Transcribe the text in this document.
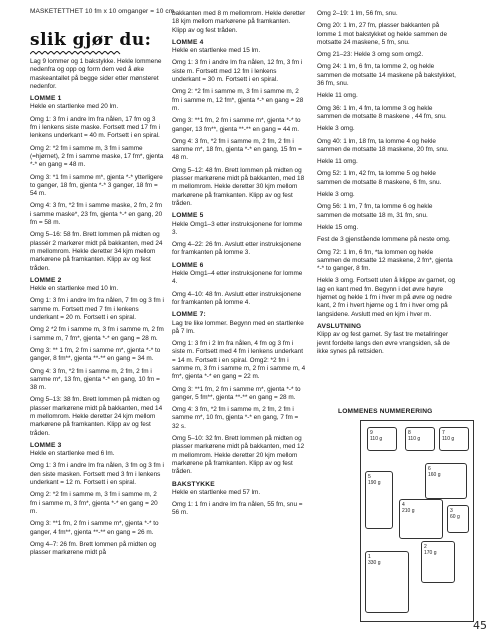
MASKETETTHET 10 fm x 10 omganger = 10 cm.
slik gjør du:

Lag 9 lommer og 1 bakstykke. Hekle lommene nedenfra og opp og form dem ved å øke maskeantallet på begge sider etter mønsteret nedenfor.

LOMME 1

Hekle en startlenke med 20 lm.

Omg 1: 3 fm i andre lm fra nålen, 17 fm og 3 fm i lenkens siste maske. Fortsett med 17 fm i lenkens underkant = 40 m. Fortsett i en spiral.

Omg 2: *2 fm i samme m, 3 fm i samme (=hjørnet), 2 fm i samme maske, 17 fm*, gjenta *-* en gang = 48 m.

Omg 3: *1 fm i samme m*, gjenta *-* ytterligere to ganger, 18 fm, gjenta *-* 3 ganger, 18 fm = 54 m.

Omg 4: 3 fm, *2 fm i samme maske, 2 fm, 2 fm i samme maske*, 23 fm, gjenta *-* en gang, 20 fm = 58 m.

Omg 5–16: 58 fm. Brett lommen på midten og plassér 2 markører midt på bakkanten, med 24 m mellomrom. Hekle deretter 34 kjm mellom markørene på framkanten. Klipp av og fest tråden.

LOMME 2

Hekle en startlenke med 10 lm.

Omg 1: 3 fm i andre lm fra nålen, 7 fm og 3 fm i samme m. Fortsett med 7 fm i lenkens underkant = 20 m. Fortsett i en spiral.

Omg 2 *2 fm i samme m, 3 fm i samme m, 2 fm i samme m, 7 fm*, gjenta *-* en gang = 28 m.

Omg 3: ** 1 fm, 2 fm i samme m*, gjenta *-* to ganger, 8 fm**, gjenta **-** en gang = 34 m.

Omg 4: 3 fm, *2 fm i samme m, 2 fm, 2 fm i samme m*, 13 fm, gjenta *-* en gang, 10 fm = 38 m.

Omg 5–13: 38 fm. Brett lommen på midten og plasser markørene midt på bakkanten, med 14 m mellomrom. Hekle deretter 24 kjm mellom markørene på framkanten. Klipp av og fest tråden.

LOMME 3

Hekle en startlenke med 6 lm.

Omg 1: 3 fm i andre lm fra nålen, 3 fm og 3 fm i den siste masken. Fortsett med 3 fm i lenkens underkant = 12 m. Fortsett i en spiral.

Omg 2: *2 fm i samme m, 3 fm i samme m, 2 fm i samme m, 3 fm*, gjenta *-* en gang = 20 m.

Omg 3: **1 fm, 2 fm i samme m*, gjenta *-* to ganger, 4 fm**, gjenta **-** en gang = 26 m.

Omg 4–7: 26 fm. Brett lommen på midten og plasser markørene midt på

bakkanten med 8 m mellomrom. Hekle deretter 18 kjm mellom markørene på framkanten. Klipp av og fest tråden.

LOMME 4

Hekle en startlenke med 15 lm.

Omg 1: 3 fm i andre lm fra nålen, 12 fm, 3 fm i siste m. Fortsett med 12 fm i lenkens underkant = 30 m. Fortsett i en spiral.

Omg 2: *2 fm i samme m, 3 fm i samme m, 2 fm i samme m, 12 fm*, gjenta *-* en gang = 28 m.

Omg 3: **1 fm, 2 fm i samme m*, gjenta *-* to ganger, 13 fm**, gjenta **-** en gang = 44 m.

Omg 4: 3 fm, *2 fm i samme m, 2 fm, 2 fm i samme m*, 18 fm, gjenta *-* en gang, 15 fm = 48 m.

Omg 5–12: 48 fm. Brett lommen på midten og plasser markørene midt på bakkanten, med 18 m mellomrom. Hekle deretter 30 kjm mellom markørene på framkanten. Klipp av og fest tråden.

LOMME 5

Hekle Omg1–3 etter instruksjonene for lomme 3.

Omg 4–22: 26 fm. Avslutt etter instruksjonene for framkanten på lomme 3.

LOMME 6

Hekle Omg1–4 etter instruksjonene for lomme 4.

Omg 4–10: 48 fm. Avslutt etter instruksjonene for framkanten på lomme 4.

LOMME 7:

Lag tre like lommer. Begynn med en startlenke på 7 lm.

Omg 1: 3 fm i 2 lm fra nålen, 4 fm og 3 fm i siste m. Fortsett med 4 fm i lenkens underkant = 14 m. Fortsett i en spiral. Omg2: *2 fm i samme m, 3 fm i samme m, 2 fm i samme m, 4 fm*, gjenta *-* en gang = 22 m.

Omg 3: **1 fm, 2 fm i samme m*, gjenta *-* to ganger, 5 fm**, gjenta **-** en gang = 28 m.

Omg 4: 3 fm, *2 fm i samme m, 2 fm, 2 fm i samme m*, 10 fm, gjenta *-* en gang, 7 fm = 32 s.

Omg 5–10: 32 fm. Brett lommen på midten og plasser markørene midt på bakkanten, med 12 m mellomrom. Hekle deretter 20 kjm mellom markørene på framkanten. Klipp av og fest tråden.

BAKSTYKKE

Hekle en startlenke med 57 lm.

Omg 1: 1 fm i andre lm fra nålen, 55 fm, snu = 56 m.

Omg 2–19: 1 lm, 56 fm, snu.

Omg 20: 1 lm, 27 fm, plasser bakkanten på lomme 1 mot bakstykket og hekle sammen de motsatte 24 maskene, 5 fm, snu.

Omg 21–23: Hekle 3 omg som omg2.

Omg 24: 1 lm, 6 fm, ta lomme 2, og hekle sammen de motsatte 14 maskene på bakstykket, 36 fm, snu.

Hekle 11 omg.

Omg 36: 1 lm, 4 fm, ta lomme 3 og hekle sammen de motsatte 8 maskene , 44 fm, snu.

Hekle 3 omg.

Omg 40: 1 lm, 18 fm, ta lomme 4 og hekle sammen de motsatte 18 maskene, 20 fm, snu.

Hekle 11 omg.

Omg 52: 1 lm, 42 fm, ta lomme 5 og hekle sammen de motsatte 8 maskene, 6 fm, snu.

Hekle 3 omg.

Omg 56: 1 lm, 7 fm, ta lomme 6 og hekle sammen de motsatte 18 m, 31 fm, snu.

Hekle 15 omg.

Fest de 3 gjenstående lommene på neste omg.

Omg 72: 1 lm, 6 fm, *ta lommen og hekle sammen de motsatte 12 maskene, 2 fm*, gjenta *-* to ganger, 8 fm.

Hekle 3 omg. Fortsett uten å klippe av garnet, og lag en kant med fm. Begynn i det øvre høyre hjørnet og hekle 1 fm i hver m på øvre og nedre kant, 2 fm i hvert hjørne og 1 fm i hver omg på langsidene. Avslutt med en kjm i hver m.

AVSLUTNING

Klipp av og fest garnet. Sy fast tre metallringer jevnt fordelte langs den øvre vrangsiden, så de ikke synes på rettsiden.

LOMMENES NUMMERERING
9
110 g
8
110 g
7
110 g
6
160 g
5
190 g
4
210 g	3
60 g
2
170 g
1
330 g
45
